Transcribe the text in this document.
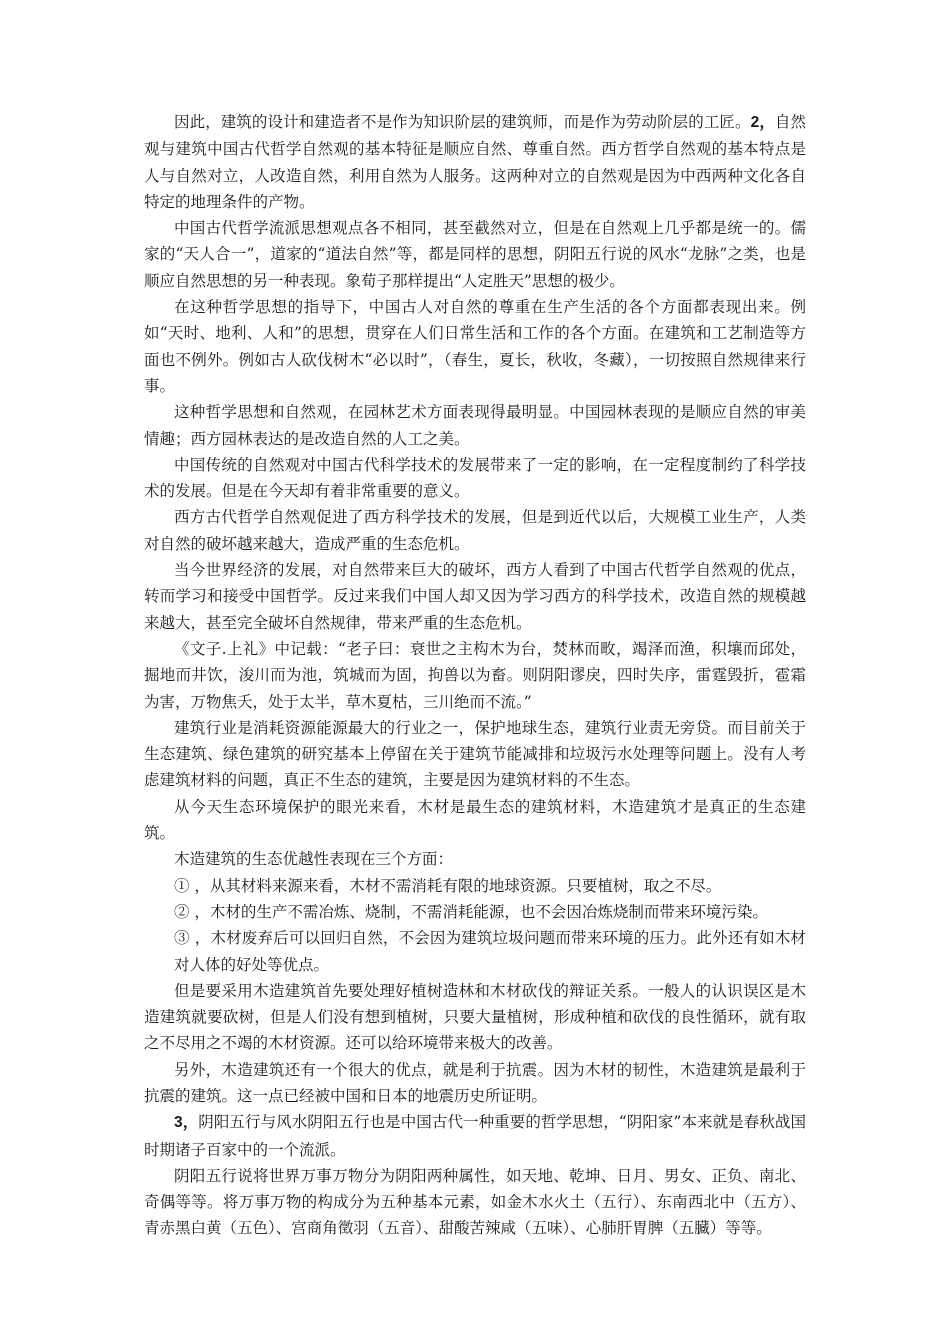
因此，建筑的设计和建造者不是作为知识阶层的建筑师，而是作为劳动阶层的工匠。2，自然观与建筑中国古代哲学自然观的基本特征是顺应自然、尊重自然。西方哲学自然观的基本特点是人与自然对立，人改造自然，利用自然为人服务。这两种对立的自然观是因为中西两种文化各自特定的地理条件的产物。

中国古代哲学流派思想观点各不相同，甚至截然对立，但是在自然观上几乎都是统一的。儒家的“天人合一”，道家的“道法自然”等，都是同样的思想，阴阳五行说的风水“龙脉”之类，也是顺应自然思想的另一种表现。象荀子那样提出“人定胜天”思想的极少。

在这种哲学思想的指导下，中国古人对自然的尊重在生产生活的各个方面都表现出来。例如“天时、地利、人和”的思想，贯穿在人们日常生活和工作的各个方面。在建筑和工艺制造等方面也不例外。例如古人砍伐树木“必以时”，（春生，夏长，秋收，冬藏），一切按照自然规律来行事。

这种哲学思想和自然观，在园林艺术方面表现得最明显。中国园林表现的是顺应自然的审美情趣；西方园林表达的是改造自然的人工之美。

中国传统的自然观对中国古代科学技术的发展带来了一定的影响，在一定程度制约了科学技术的发展。但是在今天却有着非常重要的意义。

西方古代哲学自然观促进了西方科学技术的发展，但是到近代以后，大规模工业生产，人类对自然的破坏越来越大，造成严重的生态危机。

当今世界经济的发展，对自然带来巨大的破坏，西方人看到了中国古代哲学自然观的优点，转而学习和接受中国哲学。反过来我们中国人却又因为学习西方的科学技术，改造自然的规模越来越大，甚至完全破坏自然规律，带来严重的生态危机。

《文子.上礼》中记载：“老子曰：衰世之主构木为台，焚林而畋，竭泽而渔，积壤而邱处，掘地而井饮，浚川而为池，筑城而为固，拘兽以为畜。则阴阳谬戾，四时失序，雷霆毁折，雹霜为害，万物焦夭，处于太半，草木夏枯，三川绝而不流。”

建筑行业是消耗资源能源最大的行业之一，保护地球生态，建筑行业责无旁贷。而目前关于生态建筑、绿色建筑的研究基本上停留在关于建筑节能减排和垃圾污水处理等问题上。没有人考虑建筑材料的问题，真正不生态的建筑，主要是因为建筑材料的不生态。

从今天生态环境保护的眼光来看，木材是最生态的建筑材料，木造建筑才是真正的生态建筑。

木造建筑的生态优越性表现在三个方面：

① ，从其材料来源来看，木材不需消耗有限的地球资源。只要植树，取之不尽。

② ，木材的生产不需冶炼、烧制，不需消耗能源，也不会因冶炼烧制而带来环境污染。

③ ，木材废弃后可以回归自然，不会因为建筑垃圾问题而带来环境的压力。此外还有如木材对人体的好处等优点。

但是要采用木造建筑首先要处理好植树造林和木材砍伐的辩证关系。一般人的认识误区是木造建筑就要砍树，但是人们没有想到植树，只要大量植树，形成种植和砍伐的良性循环，就有取之不尽用之不竭的木材资源。还可以给环境带来极大的改善。

另外，木造建筑还有一个很大的优点，就是利于抗震。因为木材的韧性，木造建筑是最利于抗震的建筑。这一点已经被中国和日本的地震历史所证明。

3，阴阳五行与风水阴阳五行也是中国古代一种重要的哲学思想，“阴阳家”本来就是春秋战国时期诸子百家中的一个流派。

阴阳五行说将世界万事万物分为阴阳两种属性，如天地、乾坤、日月、男女、正负、南北、奇偶等等。将万事万物的构成分为五种基本元素，如金木水火土（五行）、东南西北中（五方）、青赤黑白黄（五色）、宫商角徵羽（五音）、甜酸苦辣咸（五味）、心肺肝胃脾（五臓）等等。
